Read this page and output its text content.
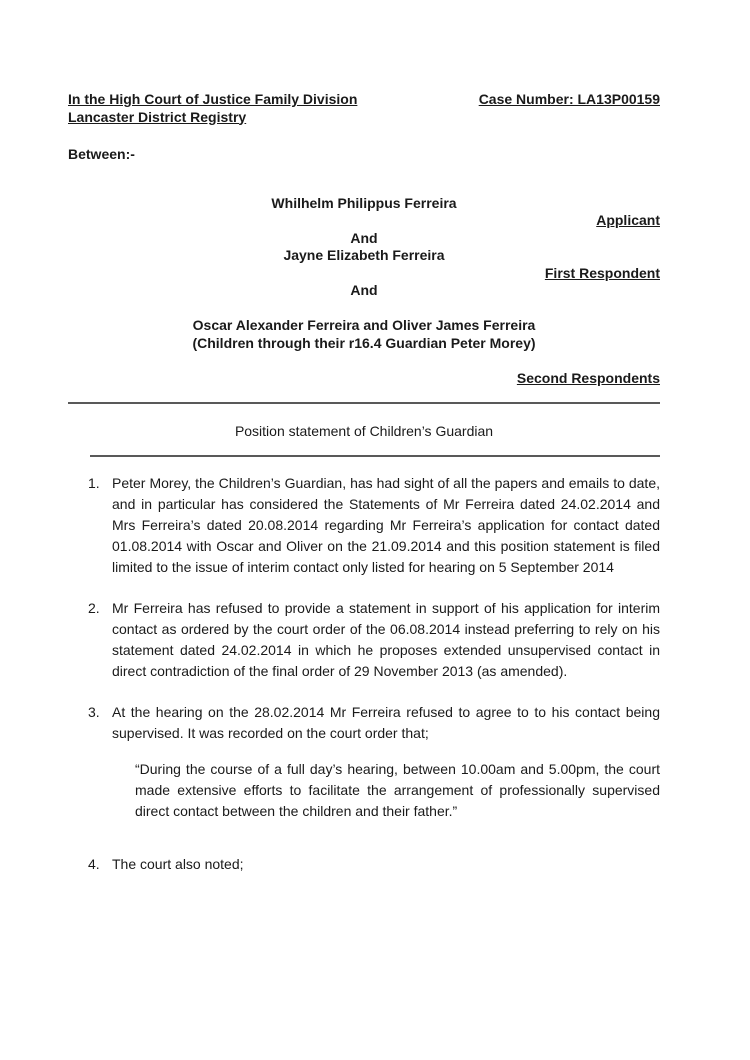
In the High Court of Justice Family Division
Lancaster District Registry
Case Number: LA13P00159
Between:-
Whilhelm Philippus Ferreira
Applicant
And
Jayne Elizabeth Ferreira
First Respondent
And
Oscar Alexander Ferreira and Oliver James Ferreira
(Children through their r16.4 Guardian Peter Morey)
Second Respondents
Position statement of Children’s Guardian
1. Peter Morey, the Children’s Guardian, has had sight of all the papers and emails to date, and in particular has considered the Statements of Mr Ferreira dated 24.02.2014 and Mrs Ferreira’s dated 20.08.2014 regarding Mr Ferreira’s application for contact dated 01.08.2014 with Oscar and Oliver on the 21.09.2014 and this position statement is filed limited to the issue of interim contact only listed for hearing on 5 September 2014
2. Mr Ferreira has refused to provide a statement in support of his application for interim contact as ordered by the court order of the 06.08.2014 instead preferring to rely on his statement dated 24.02.2014 in which he proposes extended unsupervised contact in direct contradiction of the final order of 29 November 2013 (as amended).
3. At the hearing on the 28.02.2014 Mr Ferreira refused to agree to to his contact being supervised. It was recorded on the court order that;
“During the course of a full day’s hearing, between 10.00am and 5.00pm, the court made extensive efforts to facilitate the arrangement of professionally supervised direct contact between the children and their father.”
4. The court also noted;
